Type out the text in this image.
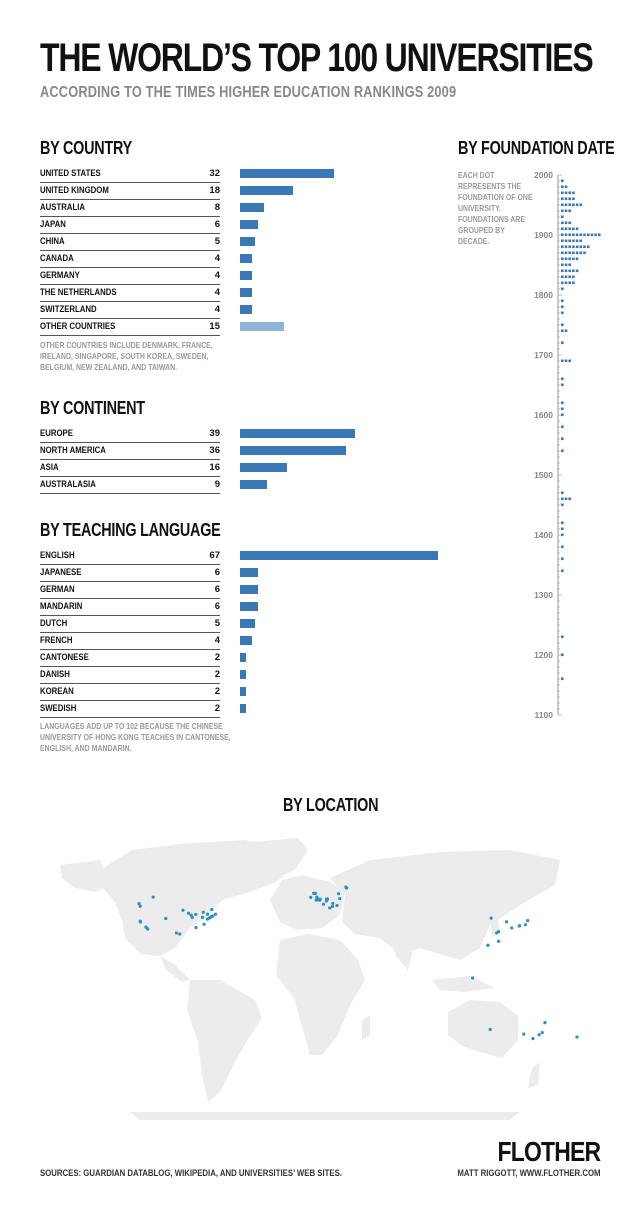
THE WORLD’S TOP 100 UNIVERSITIES
ACCORDING TO THE TIMES HIGHER EDUCATION RANKINGS 2009
BY COUNTRY
UNITED STATES	32
UNITED KINGDOM	18
AUSTRALIA	8
JAPAN	6
CHINA	5
CANADA	4
GERMANY	4
THE NETHERLANDS	4
SWITZERLAND	4
OTHER COUNTRIES	15
OTHER COUNTRIES INCLUDE DENMARK, FRANCE, IRELAND, SINGAPORE, SOUTH KOREA, SWEDEN, BELGIUM, NEW ZEALAND, AND TAIWAN.
BY CONTINENT
EUROPE	39
NORTH AMERICA	36
ASIA	16
AUSTRALASIA	9
BY TEACHING LANGUAGE
ENGLISH	67
JAPANESE	6
GERMAN	6
MANDARIN	6
DUTCH	5
FRENCH	4
CANTONESE	2
DANISH	2
KOREAN	2
SWEDISH	2
LANGUAGES ADD UP TO 102 BECAUSE THE CHINESE UNIVERSITY OF HONG KONG TEACHES IN CANTONESE, ENGLISH, AND MANDARIN.
BY FOUNDATION DATE
EACH DOT REPRESENTS THE FOUNDATION OF ONE UNIVERSITY. FOUNDATIONS ARE GROUPED BY DECADE.
1100
1200
1300
1400
1500
1600
1700
1800
1900
2000
BY LOCATION
SOURCES: GUARDIAN DATABLOG, WIKIPEDIA, AND UNIVERSITIES’ WEB SITES.
FLOTHER
MATT RIGGOTT, WWW.FLOTHER.COM
